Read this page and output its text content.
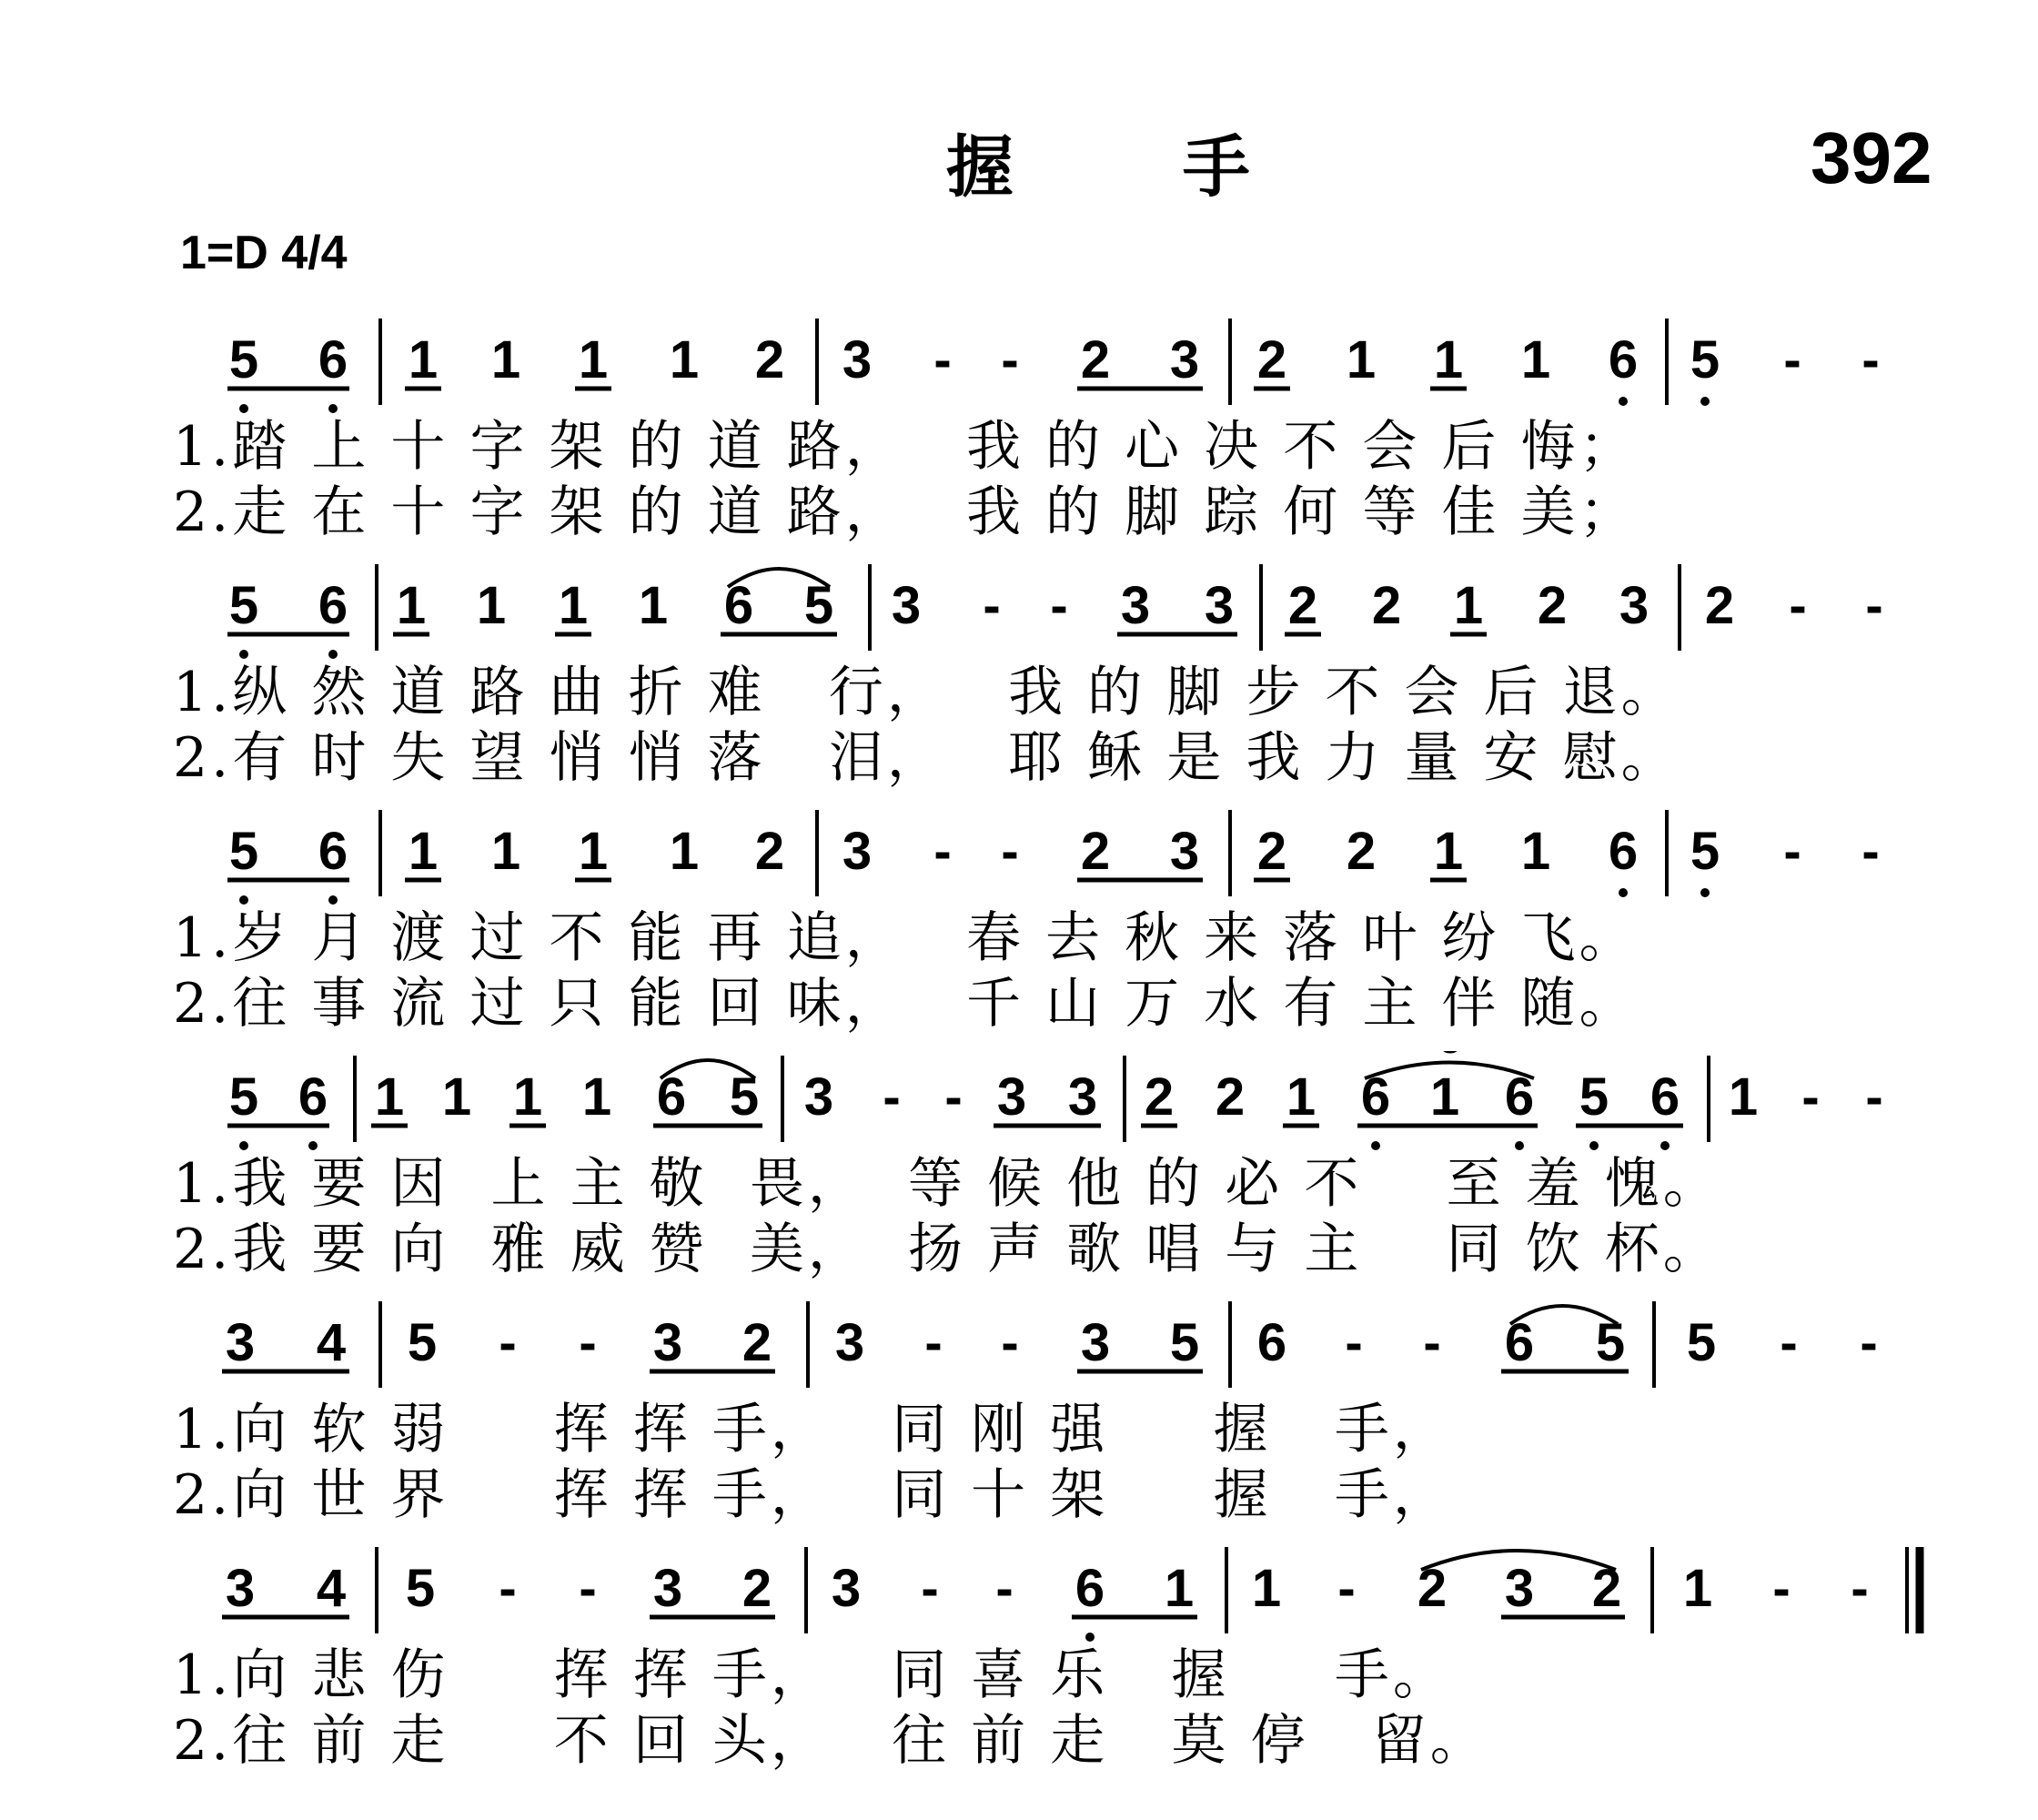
握 手	392
1=D 4/4
5 6 1 1 1 1 2 3 - - 2 3 2 1 1 1 6 5 - -
1.踏 上 十 字 架 的 道 路，   我 的 心 决 不 会 后 悔；
2.走 在 十 字 架 的 道 路，   我 的 脚 踪 何 等 佳 美；
5 6 1 1 1 1 6 5 3 - - 3 3 2 2 1 2 3 2 - -
1.纵 然 道 路 曲 折 难   行，   我 的 脚 步 不 会 后 退。
2.有 时 失 望 悄 悄 落   泪，   耶 稣 是 我 力 量 安 慰。
5 6 1 1 1 1 2 3 - - 2 3 2 2 1 1 6 5 - -
1.岁 月 渡 过 不 能 再 追，   春 去 秋 来 落 叶 纷 飞。
2.往 事 流 过 只 能 回 味，   千 山 万 水 有 主 伴 随。
5 6 1 1 1 1 6 5 3 - - 3 3 2 2 1 6 1 6 5 6 1 - -
1.我 要 因  上 主 敬  畏，  等 候 他 的 必 不    至 羞 愧。
2.我 要 向  雅 威 赞  美，  扬 声 歌 唱 与 主    同 饮 杯。
3 4 5 - - 3 2 3 - - 3 5 6 - - 6 5 5 - -
1.向 软 弱     挥 挥 手，   同 刚 强     握   手，
2.向 世 界     挥 挥 手，   同 十 架     握   手，
3 4 5 - - 3 2 3 - - 6 1 1 - 2 3 2 1 - -
1.向 悲 伤     挥 挥 手，   同 喜 乐   握     手。
2.往 前 走     不 回 头，   往 前 走   莫 停   留。
